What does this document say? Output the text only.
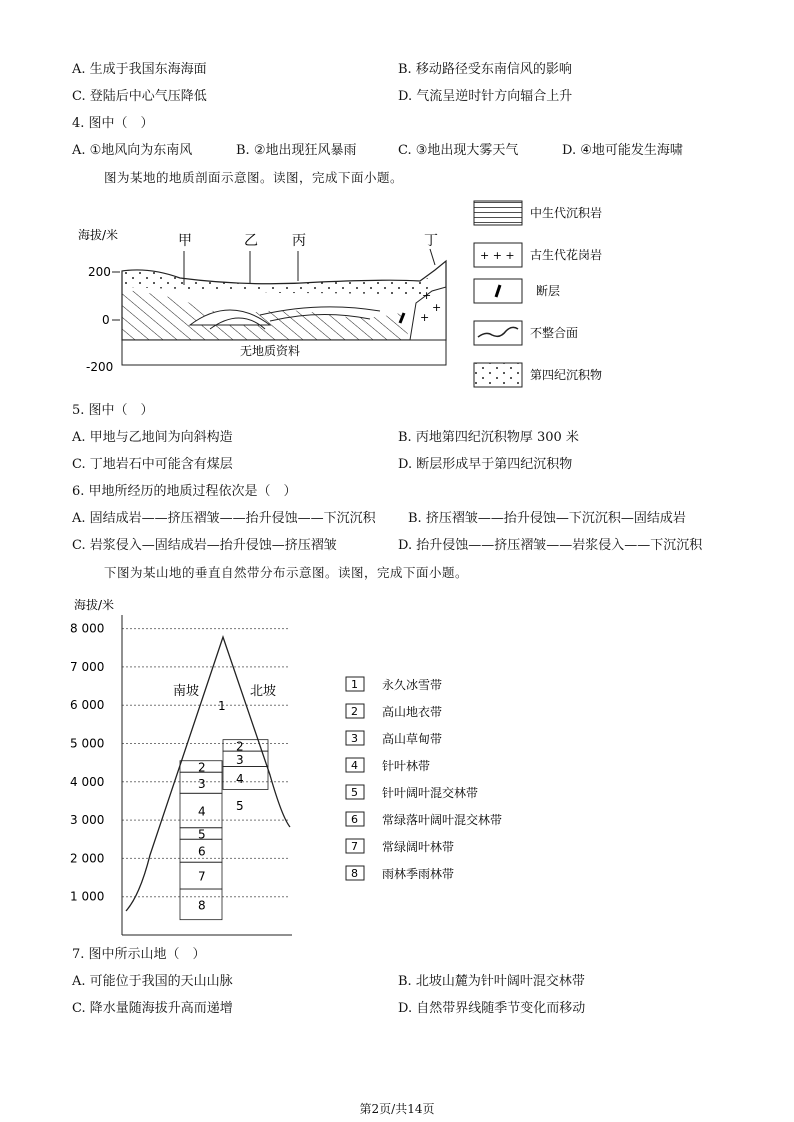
A. 生成于我国东海海面	B. 移动路径受东南信风的影响
C. 登陆后中心气压降低	D. 气流呈逆时针方向辐合上升
4. 图中（　）
A. ①地风向为东南风	B. ②地出现狂风暴雨	C. ③地出现大雾天气	D. ④地可能发生海啸
图为某地的地质剖面示意图。读图，完成下面小题。
海拔/米
200
0
-200
+
+
+
无地质资料
甲	乙 丙	丁
中生代沉积岩
+ + + 古生代花岗岩
断层
不整合面
第四纪沉积物
5. 图中（　）
A. 甲地与乙地间为向斜构造	B. 丙地第四纪沉积物厚 300 米
C. 丁地岩石中可能含有煤层	D. 断层形成早于第四纪沉积物
6. 甲地所经历的地质过程依次是（　）
A. 固结成岩——挤压褶皱——抬升侵蚀——下沉沉积 B. 挤压褶皱——抬升侵蚀—下沉沉积—固结成岩
C. 岩浆侵入—固结成岩—抬升侵蚀—挤压褶皱	D. 抬升侵蚀——挤压褶皱——岩浆侵入——下沉沉积
下图为某山地的垂直自然带分布示意图。读图，完成下面小题。
海拔/米
8 000
7 000
6 000
5 000
4 000
3 000
2 000
1 000
2
3
4
5
6
7
8
1
2
3
4
5
南坡	北坡	1 永久冰雪带
2 高山地衣带
3 高山草甸带
4 针叶林带
5 针叶阔叶混交林带
6 常绿落叶阔叶混交林带
7 常绿阔叶林带
8 雨林季雨林带
7. 图中所示山地（　）
A. 可能位于我国的天山山脉	B. 北坡山麓为针叶阔叶混交林带
C. 降水量随海拔升高而递增	D. 自然带界线随季节变化而移动
第2页/共14页
